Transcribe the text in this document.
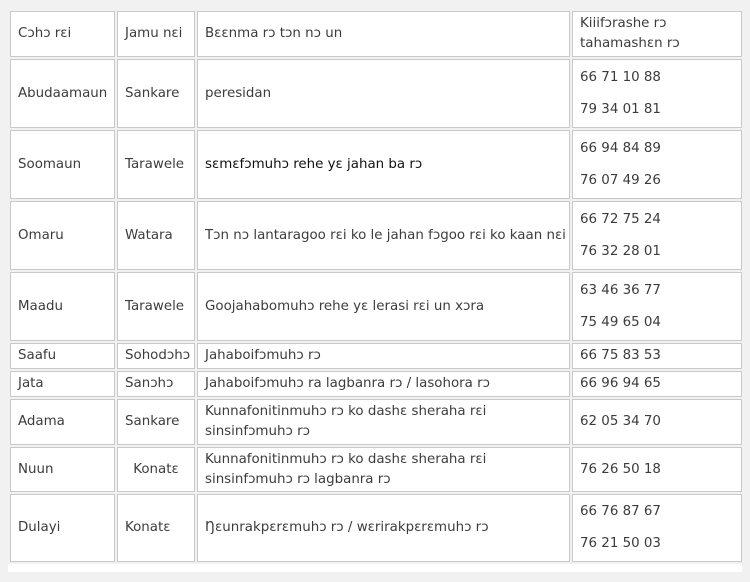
Cɔhɔ rɛi	Jamu nɛi	Bɛɛnma rɔ tɔn nɔ un	Kiiifɔrashe rɔ tahamashɛn rɔ
Abudaamaun	Sankare	peresidan	66 71 10 88
79 34 01 81

Soomaun	Tarawele	sɛmɛfɔmuhɔ rehe yɛ jahan ba rɔ	66 94 84 89
76 07 49 26

Omaru	Watara	Tɔn nɔ lantaragoo rɛi ko le jahan fɔgoo rɛi ko kaan nɛi	66 72 75 24
76 32 28 01

Maadu	Tarawele	Goojahabomuhɔ rehe yɛ lerasi rɛi un xɔra	63 46 36 77
75 49 65 04

Saafu	Sohodɔhɔ	Jahaboifɔmuhɔ rɔ	66 75 83 53

Jata	Sanɔhɔ	Jahaboifɔmuhɔ ra lagbanra rɔ / lasohora rɔ	66 96 94 65

Adama	Sankare	Kunnafonitinmuhɔ rɔ ko dashɛ sheraha rɛi sinsinfɔmuhɔ rɔ	62 05 34 70

Nuun	Konatɛ	Kunnafonitinmuhɔ rɔ ko dashɛ sheraha rɛi sinsinfɔmuhɔ rɔ lagbanra rɔ	76 26 50 18

Dulayi	Konatɛ	Ŋɛunrakpɛrɛmuhɔ rɔ / wɛrirakpɛrɛmuhɔ rɔ	66 76 87 67
76 21 50 03
